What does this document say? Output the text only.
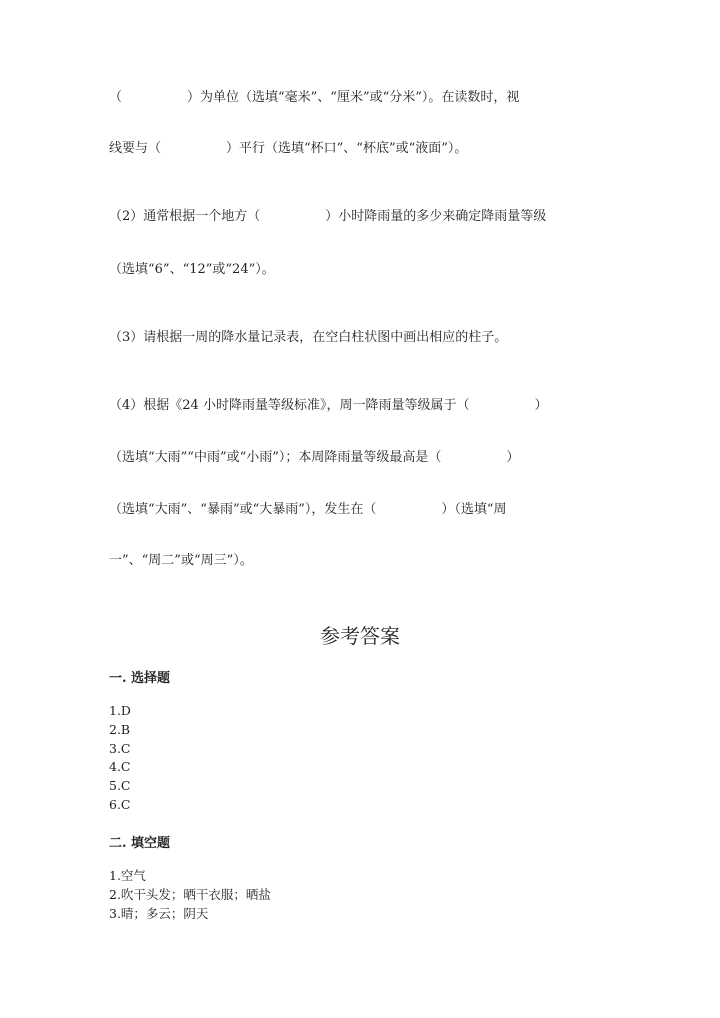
（　　　　　）为单位（选填“毫米”、“厘米”或“分米”）。在读数时，视
线要与（　　　　　）平行（选填“杯口”、“杯底”或“液面”）。
（2）通常根据一个地方（　　　　　）小时降雨量的多少来确定降雨量等级
（选填“6”、“12”或“24”）。
（3）请根据一周的降水量记录表，在空白柱状图中画出相应的柱子。
（4）根据《24 小时降雨量等级标准》，周一降雨量等级属于（　　　　　）
（选填“大雨”“中雨”或“小雨”）；本周降雨量等级最高是（　　　　　）
（选填“大雨”、“暴雨”或“大暴雨”），发生在（　　　　　）（选填“周
一”、“周二”或“周三”）。
参考答案
一. 选择题
1.D
2.B
3.C
4.C
5.C
6.C
二. 填空题
1.空气
2.吹干头发；晒干衣服；晒盐
3.晴；多云；阴天
